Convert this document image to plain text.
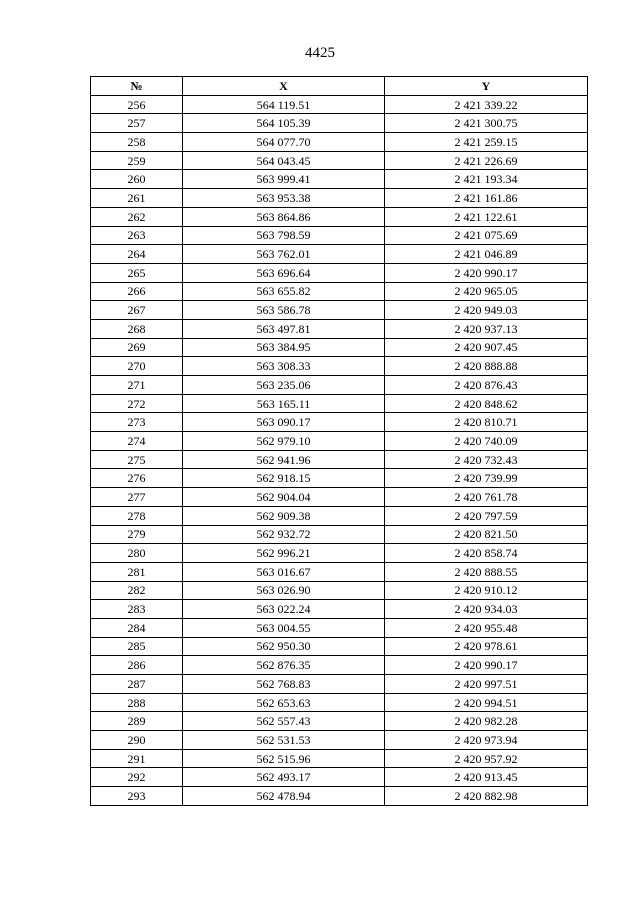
4425
№	X	Y
256	564 119.51	2 421 339.22
257	564 105.39	2 421 300.75
258	564 077.70	2 421 259.15
259	564 043.45	2 421 226.69
260	563 999.41	2 421 193.34
261	563 953.38	2 421 161.86
262	563 864.86	2 421 122.61
263	563 798.59	2 421 075.69
264	563 762.01	2 421 046.89
265	563 696.64	2 420 990.17
266	563 655.82	2 420 965.05
267	563 586.78	2 420 949.03
268	563 497.81	2 420 937.13
269	563 384.95	2 420 907.45
270	563 308.33	2 420 888.88
271	563 235.06	2 420 876.43
272	563 165.11	2 420 848.62
273	563 090.17	2 420 810.71
274	562 979.10	2 420 740.09
275	562 941.96	2 420 732.43
276	562 918.15	2 420 739.99
277	562 904.04	2 420 761.78
278	562 909.38	2 420 797.59
279	562 932.72	2 420 821.50
280	562 996.21	2 420 858.74
281	563 016.67	2 420 888.55
282	563 026.90	2 420 910.12
283	563 022.24	2 420 934.03
284	563 004.55	2 420 955.48
285	562 950.30	2 420 978.61
286	562 876.35	2 420 990.17
287	562 768.83	2 420 997.51
288	562 653.63	2 420 994.51
289	562 557.43	2 420 982.28
290	562 531.53	2 420 973.94
291	562 515.96	2 420 957.92
292	562 493.17	2 420 913.45
293	562 478.94	2 420 882.98
